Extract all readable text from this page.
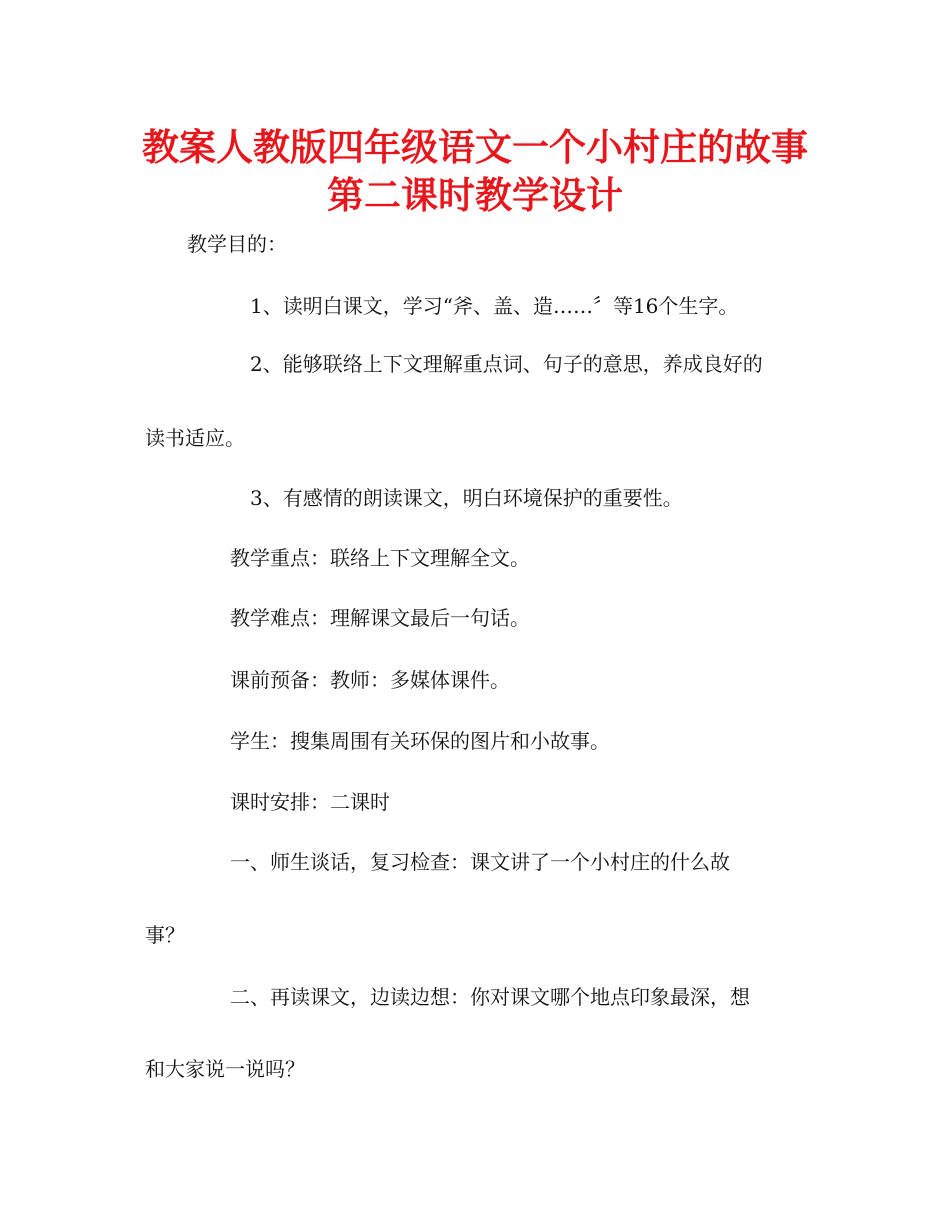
教案人教版四年级语文一个小村庄的故事
第二课时教学设计
教学目的：
1、读明白课文，学习“斧、盖、造……〞等16个生字。
2、能够联络上下文理解重点词、句子的意思，养成良好的
读书适应。
3、有感情的朗读课文，明白环境保护的重要性。
教学重点：联络上下文理解全文。
教学难点：理解课文最后一句话。
课前预备：教师：多媒体课件。
学生：搜集周围有关环保的图片和小故事。
课时安排：二课时
一、师生谈话，复习检查：课文讲了一个小村庄的什么故
事？
二、再读课文，边读边想：你对课文哪个地点印象最深，想
和大家说一说吗？
